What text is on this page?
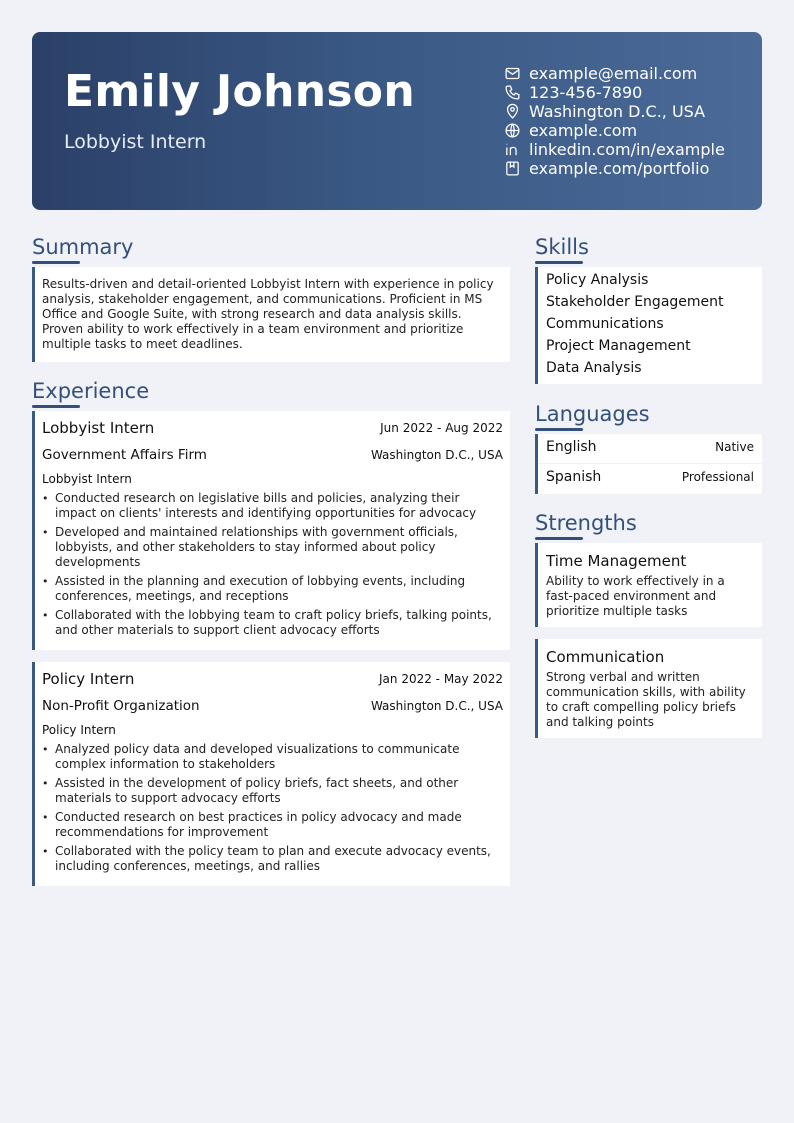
Emily Johnson
Lobbyist Intern
example@email.com
123-456-7890
Washington D.C., USA
example.com
linkedin.com/in/example
example.com/portfolio
Summary
Results-driven and detail-oriented Lobbyist Intern with experience in policy analysis, stakeholder engagement, and communications. Proficient in MS Office and Google Suite, with strong research and data analysis skills. Proven ability to work effectively in a team environment and prioritize multiple tasks to meet deadlines.
Experience
Lobbyist Intern	Jun 2022 - Aug 2022
Government Affairs Firm	Washington D.C., USA
Lobbyist Intern
• Conducted research on legislative bills and policies, analyzing their impact on clients' interests and identifying opportunities for advocacy
• Developed and maintained relationships with government officials, lobbyists, and other stakeholders to stay informed about policy developments
• Assisted in the planning and execution of lobbying events, including conferences, meetings, and receptions
• Collaborated with the lobbying team to craft policy briefs, talking points, and other materials to support client advocacy efforts
Policy Intern	Jan 2022 - May 2022
Non-Profit Organization	Washington D.C., USA
Policy Intern
• Analyzed policy data and developed visualizations to communicate complex information to stakeholders
• Assisted in the development of policy briefs, fact sheets, and other materials to support advocacy efforts
• Conducted research on best practices in policy advocacy and made recommendations for improvement
• Collaborated with the policy team to plan and execute advocacy events, including conferences, meetings, and rallies
Skills
Policy Analysis
Stakeholder Engagement
Communications
Project Management
Data Analysis
Languages
English	Native
Spanish	Professional
Strengths
Time Management
Ability to work effectively in a fast-paced environment and prioritize multiple tasks
Communication
Strong verbal and written communication skills, with ability to craft compelling policy briefs and talking points
